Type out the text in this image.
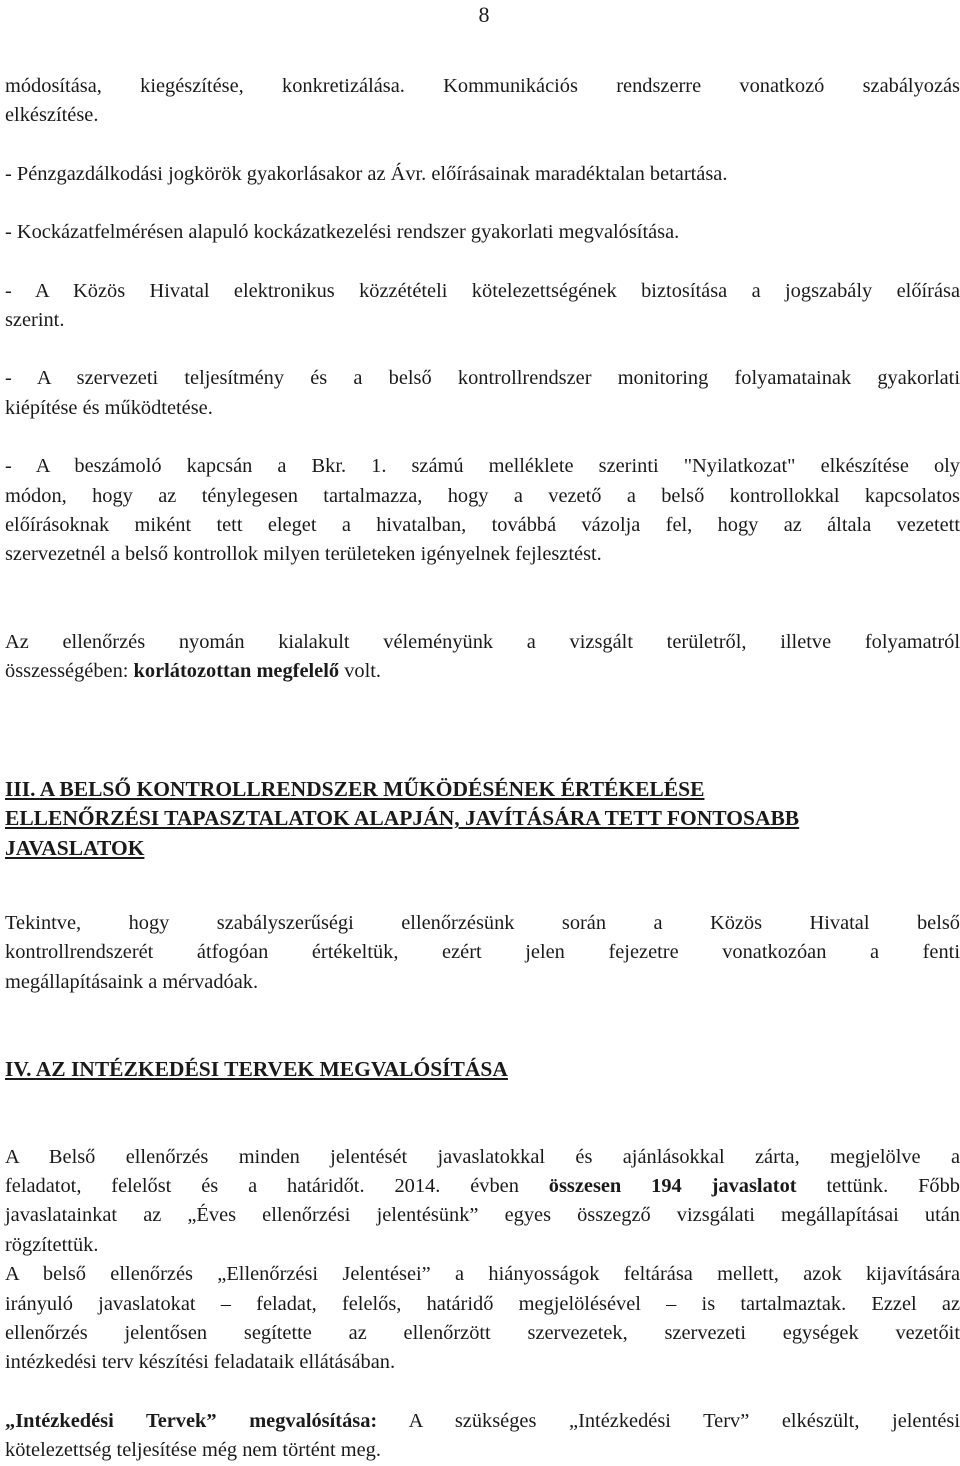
8

módosítása, kiegészítése, konkretizálása. Kommunikációs rendszerre vonatkozó szabályozás

elkészítése.

- Pénzgazdálkodási jogkörök gyakorlásakor az Ávr. előírásainak maradéktalan betartása.

- Kockázatfelmérésen alapuló kockázatkezelési rendszer gyakorlati megvalósítása.

- A Közös Hivatal elektronikus közzétételi kötelezettségének biztosítása a jogszabály előírása

szerint.

- A szervezeti teljesítmény és a belső kontrollrendszer monitoring folyamatainak gyakorlati

kiépítése és működtetése.

- A beszámoló kapcsán a Bkr. 1. számú melléklete szerinti "Nyilatkozat" elkészítése oly

módon, hogy az ténylegesen tartalmazza, hogy a vezető a belső kontrollokkal kapcsolatos

előírásoknak miként tett eleget a hivatalban, továbbá vázolja fel, hogy az általa vezetett

szervezetnél a belső kontrollok milyen területeken igényelnek fejlesztést.

Az ellenőrzés nyomán kialakult véleményünk a vizsgált területről, illetve folyamatról

összességében: korlátozottan megfelelő volt.

III. A BELSŐ KONTROLLRENDSZER MŰKÖDÉSÉNEK ÉRTÉKELÉSE

ELLENŐRZÉSI TAPASZTALATOK ALAPJÁN, JAVÍTÁSÁRA TETT FONTOSABB

JAVASLATOK

Tekintve, hogy szabályszerűségi ellenőrzésünk során a Közös Hivatal belső

kontrollrendszerét átfogóan értékeltük, ezért jelen fejezetre vonatkozóan a fenti

megállapításaink a mérvadóak.

IV. AZ INTÉZKEDÉSI TERVEK MEGVALÓSÍTÁSA

A Belső ellenőrzés minden jelentését javaslatokkal és ajánlásokkal zárta, megjelölve a

feladatot, felelőst és a határidőt. 2014. évben összesen 194 javaslatot tettünk. Főbb

javaslatainkat az „Éves ellenőrzési jelentésünk” egyes összegző vizsgálati megállapításai után

rögzítettük.

A belső ellenőrzés „Ellenőrzési Jelentései” a hiányosságok feltárása mellett, azok kijavítására

irányuló javaslatokat – feladat, felelős, határidő megjelölésével – is tartalmaztak. Ezzel az

ellenőrzés jelentősen segítette az ellenőrzött szervezetek, szervezeti egységek vezetőit

intézkedési terv készítési feladataik ellátásában.

„Intézkedési Tervek” megvalósítása: A szükséges „Intézkedési Terv” elkészült, jelentési

kötelezettség teljesítése még nem történt meg.
